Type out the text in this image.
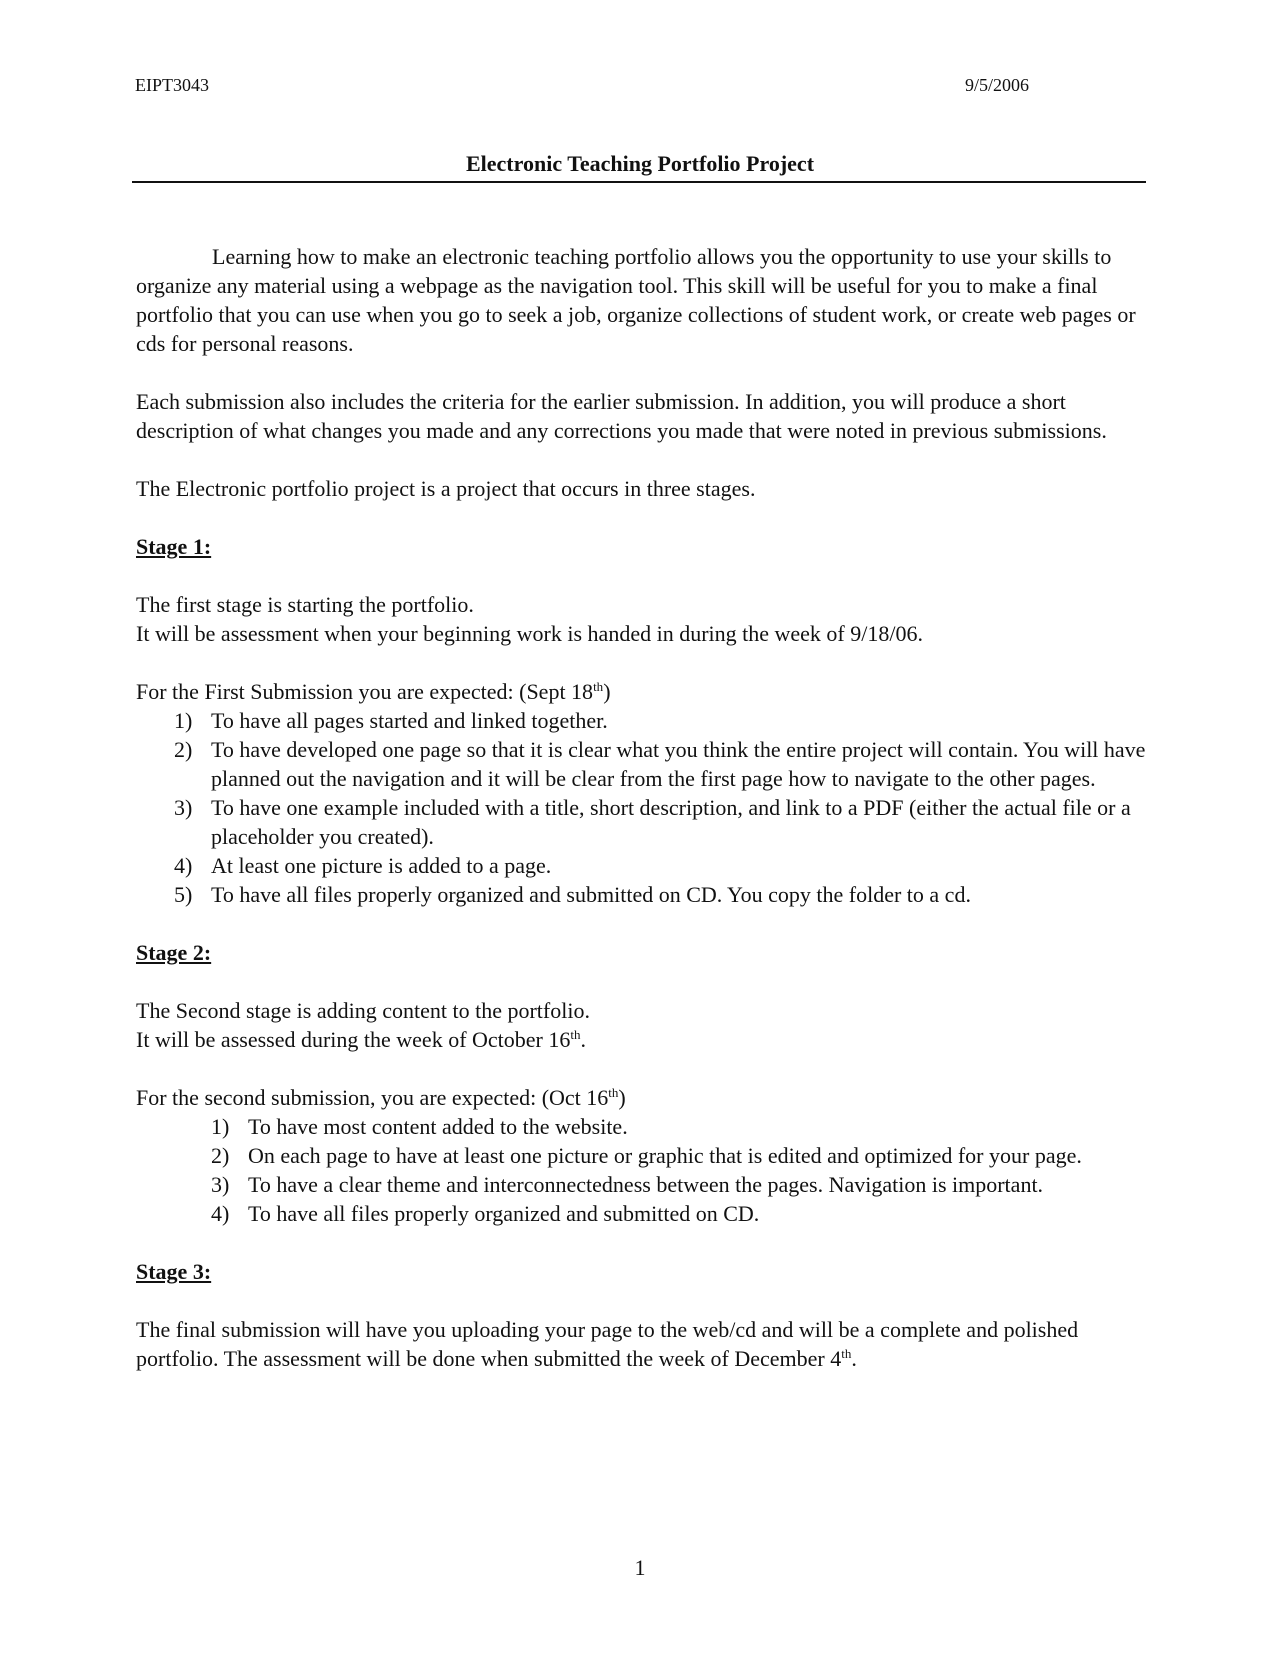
EIPT3043	9/5/2006
Electronic Teaching Portfolio Project

Learning how to make an electronic teaching portfolio allows you the opportunity to use your skills to organize any material using a webpage as the navigation tool. This skill will be useful for you to make a final portfolio that you can use when you go to seek a job, organize collections of student work, or create web pages or cds for personal reasons.

Each submission also includes the criteria for the earlier submission. In addition, you will produce a short description of what changes you made and any corrections you made that were noted in previous submissions.

The Electronic portfolio project is a project that occurs in three stages.

Stage 1:

The first stage is starting the portfolio.

It will be assessment when your beginning work is handed in during the week of 9/18/06.

For the First Submission you are expected: (Sept 18th)

1) To have all pages started and linked together.
2) To have developed one page so that it is clear what you think the entire project will contain. You will have planned out the navigation and it will be clear from the first page how to navigate to the other pages.
3) To have one example included with a title, short description, and link to a PDF (either the actual file or a placeholder you created).
4) At least one picture is added to a page.
5) To have all files properly organized and submitted on CD. You copy the folder to a cd.

Stage 2:

The Second stage is adding content to the portfolio.

It will be assessed during the week of October 16th.

For the second submission, you are expected: (Oct 16th)

1) To have most content added to the website.
2) On each page to have at least one picture or graphic that is edited and optimized for your page.
3) To have a clear theme and interconnectedness between the pages. Navigation is important.
4) To have all files properly organized and submitted on CD.

Stage 3:

The final submission will have you uploading your page to the web/cd and will be a complete and polished portfolio. The assessment will be done when submitted the week of December 4th.

1
